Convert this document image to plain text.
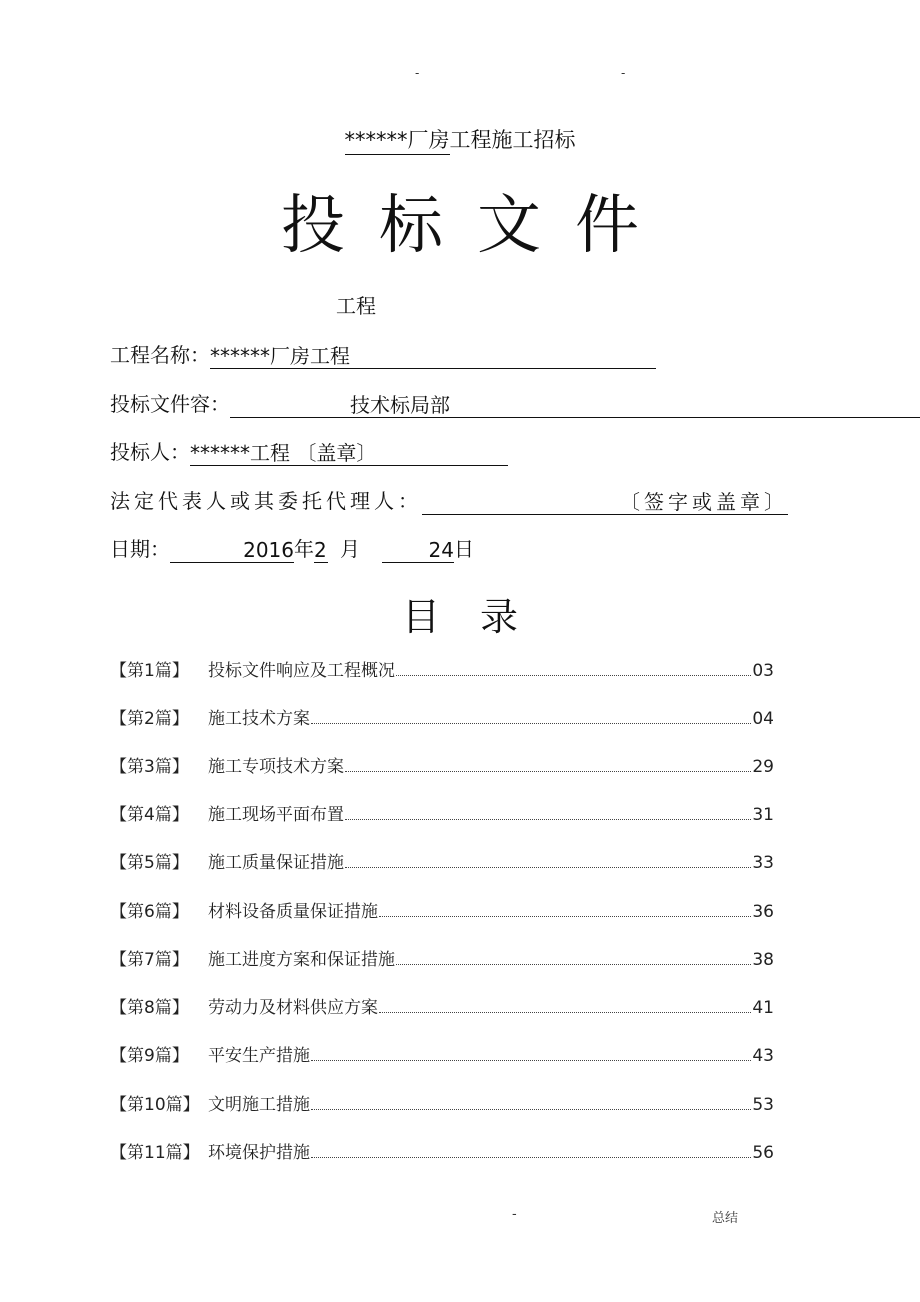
-	-
******厂房工程施工招标
投标文件
工程
工程名称：******厂房工程
投标文件容：	技术标局部
投标人：******工程 〔盖章〕
法定代表人或其委托代理人：	〔签字或盖章〕
日期：	2016年2 月	24日
目录
【第1篇】	投标文件响应及工程概况	03
【第2篇】	施工技术方案	04
【第3篇】	施工专项技术方案	29
【第4篇】	施工现场平面布置	31
【第5篇】	施工质量保证措施	33
【第6篇】	材料设备质量保证措施	36
【第7篇】	施工进度方案和保证措施	38
【第8篇】	劳动力及材料供应方案	41
【第9篇】	平安生产措施	43
【第10篇】 文明施工措施	53
【第11篇】 环境保护措施	56
-	总结
